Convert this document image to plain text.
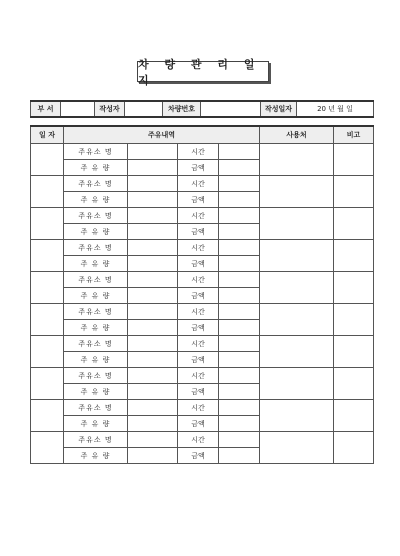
차 량 관 리 일 지
부 서		작성자		차량번호		작성일자	20 년 월 일
일 자	주유내역				사용처	비고
	주유소 명		시간			
	주 유 량		금액			
	주유소 명		시간			
	주 유 량		금액			
	주유소 명		시간			
	주 유 량		금액			
	주유소 명		시간			
	주 유 량		금액			
	주유소 명		시간			
	주 유 량		금액			
	주유소 명		시간			
	주 유 량		금액			
	주유소 명		시간			
	주 유 량		금액			
	주유소 명		시간			
	주 유 량		금액			
	주유소 명		시간			
	주 유 량		금액			
	주유소 명		시간			
	주 유 량		금액			
